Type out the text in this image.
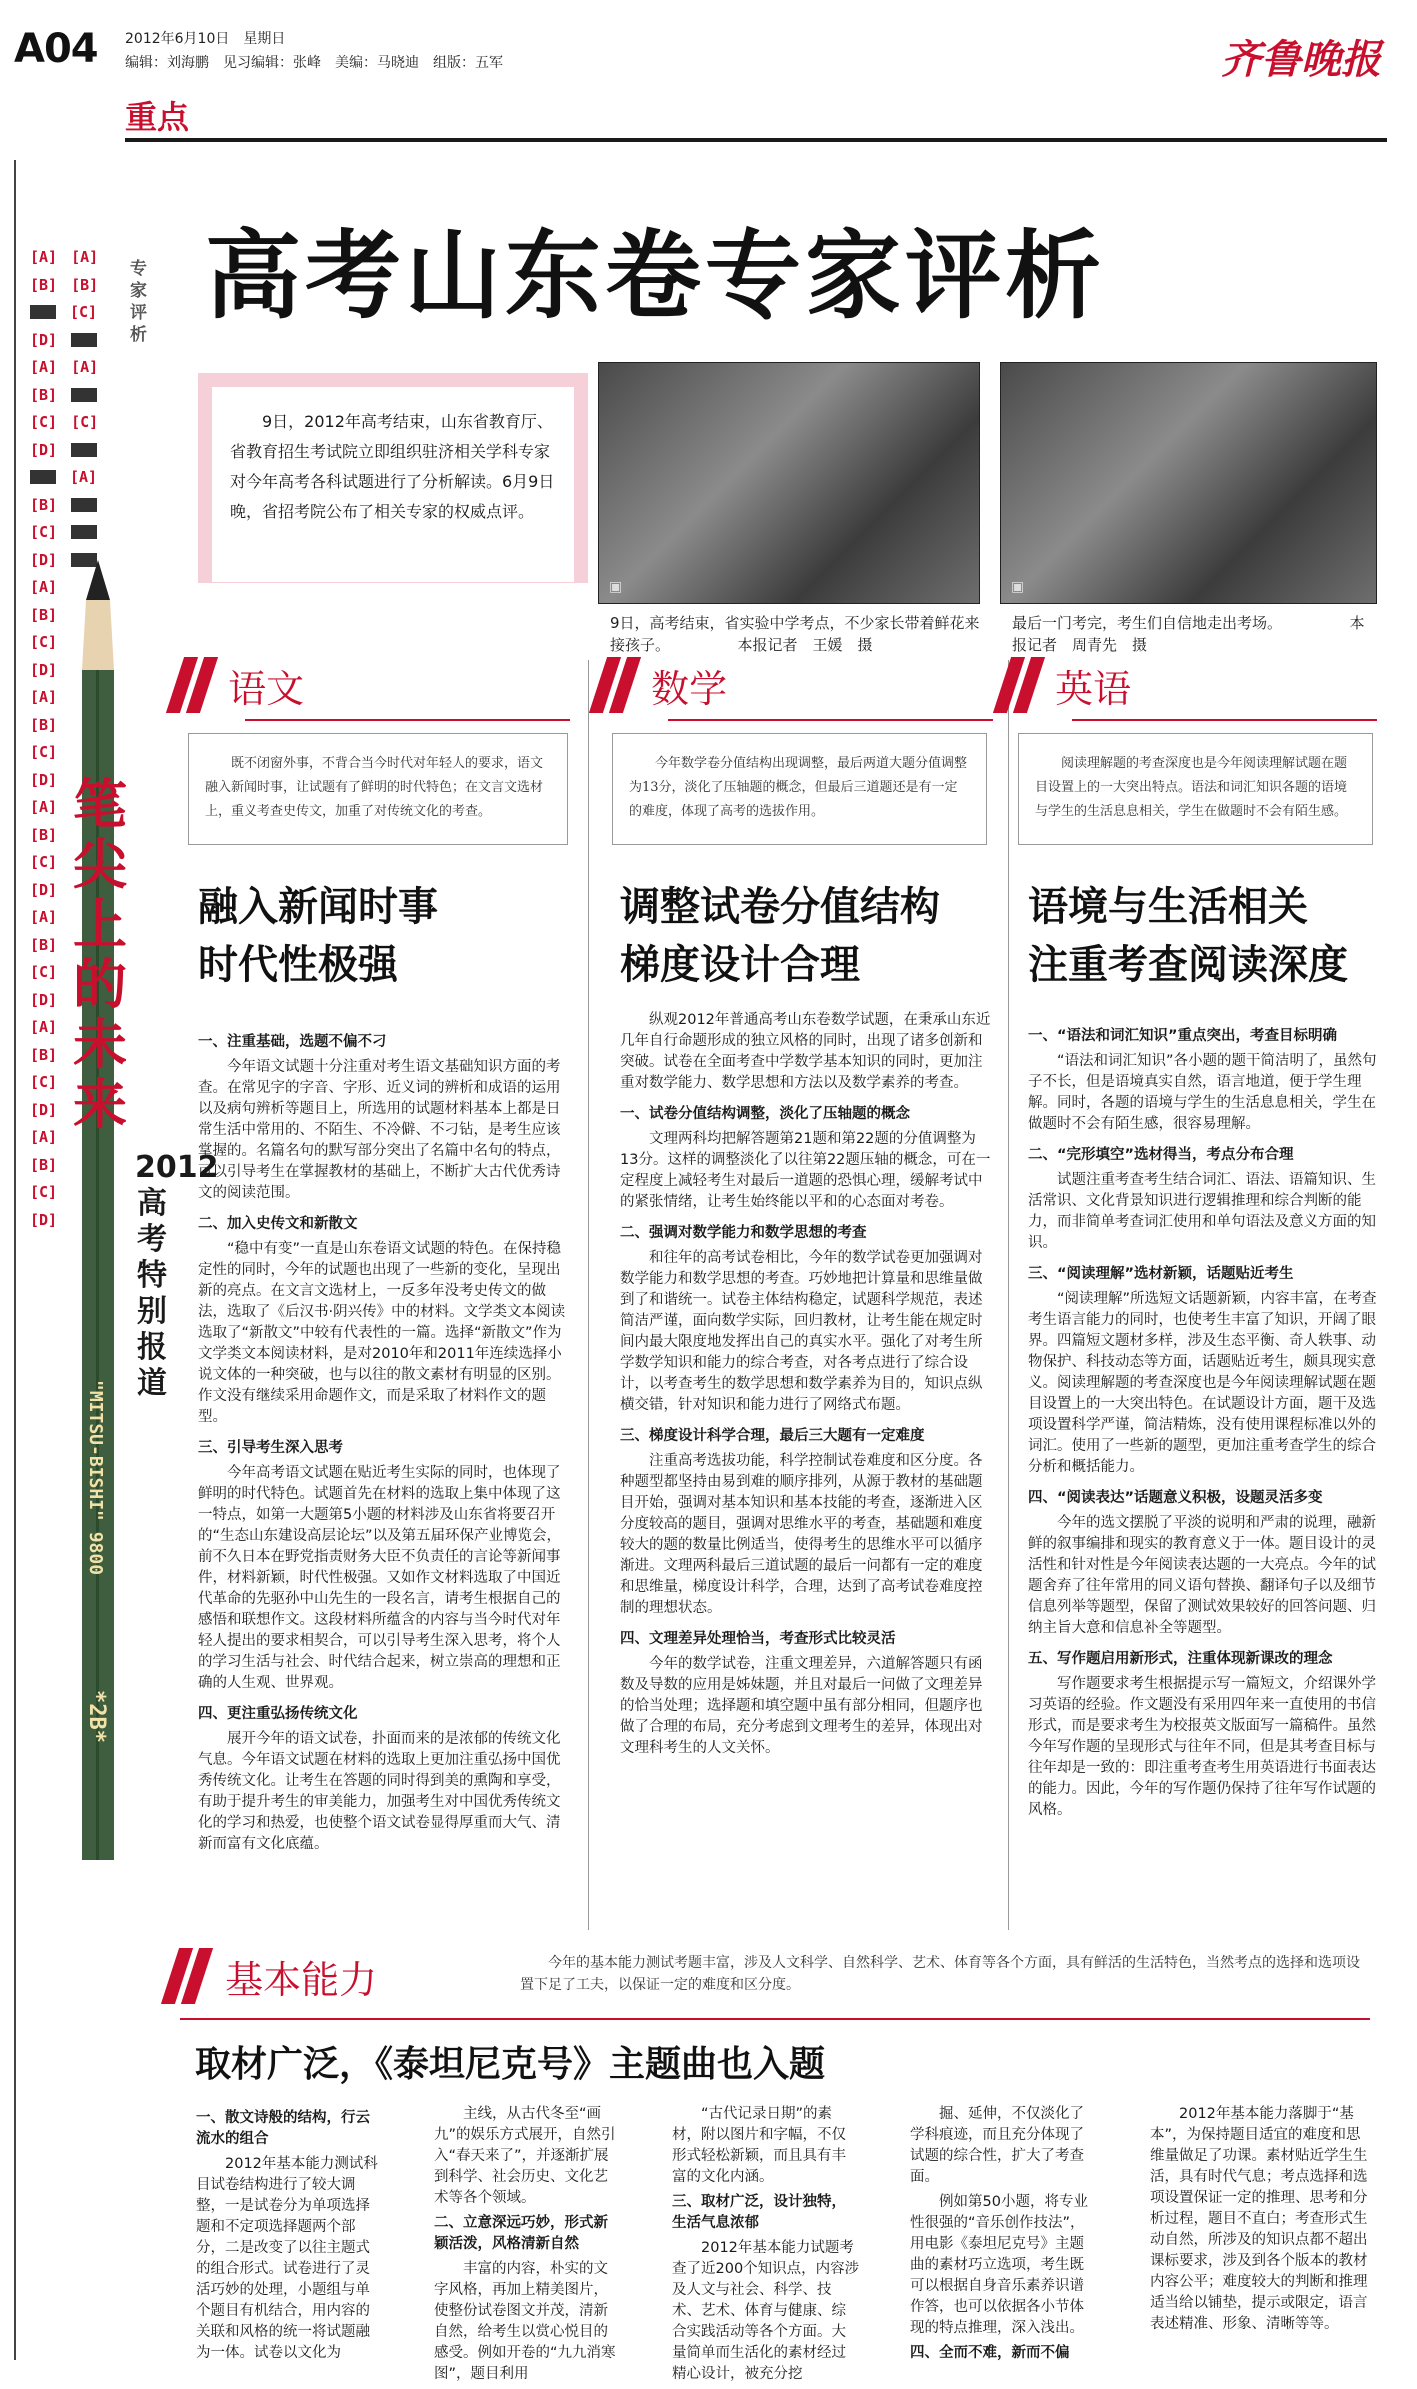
A04 2012年6月10日　星期日
编辑：刘海鹏　见习编辑：张峰　美编：马晓迪　组版：五军	齐鲁晚报
重点
专家评析
[A] [A]
[B] [B]
[C]
[D]
[A] [A]
[B]
[C] [C]
[D]
[A]
[B]
[C]
[D]
[A]
[B]
[C]
[D]
[A]
[B]
[C]
[D]
[A]
[B]
[C]
[D]
[A]
[B]
[C]
[D]
[A]
[B]
[C]
[D]
[A]
[B]
[C]
[D]
"MITSU-BISHI" 9800
*2B*
笔尖上的未来
2012高考特别报道
高考山东卷专家评析
9日，2012年高考结束，山东省教育厅、省教育招生考试院立即组织驻济相关学科专家对今年高考各科试题进行了分析解读。6月9日晚，省招考院公布了相关专家的权威点评。
▣	▣
9日，高考结束，省实验中学考点，不少家长带着鲜花来接孩子。　　　　　本报记者　王媛　摄
最后一门考完，考生们自信地走出考场。　　　　　本报记者　周青先　摄
语文
既不闭窗外事，不背合当今时代对年轻人的要求，语文融入新闻时事，让试题有了鲜明的时代特色；在文言文选材上，重义考查史传文，加重了对传统文化的考查。
融入新闻时事
时代性极强
一、注重基础，选题不偏不刁

今年语文试题十分注重对考生语文基础知识方面的考查。在常见字的字音、字形、近义词的辨析和成语的运用以及病句辨析等题目上，所选用的试题材料基本上都是日常生活中常用的、不陌生、不冷僻、不刁钻，是考生应该掌握的。名篇名句的默写部分突出了名篇中名句的特点，可以引导考生在掌握教材的基础上，不断扩大古代优秀诗文的阅读范围。

二、加入史传文和新散文

“稳中有变”一直是山东卷语文试题的特色。在保持稳定性的同时，今年的试题也出现了一些新的变化，呈现出新的亮点。在文言文选材上，一反多年没考史传文的做法，选取了《后汉书·阴兴传》中的材料。文学类文本阅读选取了“新散文”中较有代表性的一篇。选择“新散文”作为文学类文本阅读材料，是对2010年和2011年连续选择小说文体的一种突破，也与以往的散文素材有明显的区别。作文没有继续采用命题作文，而是采取了材料作文的题型。

三、引导考生深入思考

今年高考语文试题在贴近考生实际的同时，也体现了鲜明的时代特色。试题首先在材料的选取上集中体现了这一特点，如第一大题第5小题的材料涉及山东省将要召开的“生态山东建设高层论坛”以及第五届环保产业博览会，前不久日本在野党指责财务大臣不负责任的言论等新闻事件，材料新颖，时代性极强。又如作文材料选取了中国近代革命的先驱孙中山先生的一段名言，请考生根据自己的感悟和联想作文。这段材料所蕴含的内容与当今时代对年轻人提出的要求相契合，可以引导考生深入思考，将个人的学习生活与社会、时代结合起来，树立崇高的理想和正确的人生观、世界观。

四、更注重弘扬传统文化

展开今年的语文试卷，扑面而来的是浓郁的传统文化气息。今年语文试题在材料的选取上更加注重弘扬中国优秀传统文化。让考生在答题的同时得到美的熏陶和享受，有助于提升考生的审美能力，加强考生对中国优秀传统文化的学习和热爱，也使整个语文试卷显得厚重而大气、清新而富有文化底蕴。

数学
今年数学卷分值结构出现调整，最后两道大题分值调整为13分，淡化了压轴题的概念，但最后三道题还是有一定的难度，体现了高考的选拔作用。
调整试卷分值结构
梯度设计合理

纵观2012年普通高考山东卷数学试题，在秉承山东近几年自行命题形成的独立风格的同时，出现了诸多创新和突破。试卷在全面考查中学数学基本知识的同时，更加注重对数学能力、数学思想和方法以及数学素养的考查。

一、试卷分值结构调整，淡化了压轴题的概念

文理两科均把解答题第21题和第22题的分值调整为13分。这样的调整淡化了以往第22题压轴的概念，可在一定程度上减轻考生对最后一道题的恐惧心理，缓解考试中的紧张情绪，让考生始终能以平和的心态面对考卷。

二、强调对数学能力和数学思想的考查

和往年的高考试卷相比，今年的数学试卷更加强调对数学能力和数学思想的考查。巧妙地把计算量和思维量做到了和谐统一。试卷主体结构稳定，试题科学规范，表述简洁严谨，面向数学实际，回归教材，让考生能在规定时间内最大限度地发挥出自己的真实水平。强化了对考生所学数学知识和能力的综合考查，对各考点进行了综合设计，以考查考生的数学思想和数学素养为目的，知识点纵横交错，针对知识和能力进行了网络式布题。

三、梯度设计科学合理，最后三大题有一定难度

注重高考选拔功能，科学控制试卷难度和区分度。各种题型都坚持由易到难的顺序排列，从源于教材的基础题目开始，强调对基本知识和基本技能的考查，逐渐进入区分度较高的题目，强调对思维水平的考查，基础题和难度较大的题的数量比例适当，使得考生的思维水平可以循序渐进。文理两科最后三道试题的最后一问都有一定的难度和思维量，梯度设计科学，合理，达到了高考试卷难度控制的理想状态。

四、文理差异处理恰当，考查形式比较灵活

今年的数学试卷，注重文理差异，六道解答题只有函数及导数的应用是姊妹题，并且对最后一问做了文理差异的恰当处理；选择题和填空题中虽有部分相同，但题序也做了合理的布局，充分考虑到文理考生的差异，体现出对文理科考生的人文关怀。

英语
阅读理解题的考查深度也是今年阅读理解试题在题目设置上的一大突出特点。语法和词汇知识各题的语境与学生的生活息息相关，学生在做题时不会有陌生感。
语境与生活相关
注重考查阅读深度
一、“语法和词汇知识”重点突出，考查目标明确

“语法和词汇知识”各小题的题干简洁明了，虽然句子不长，但是语境真实自然，语言地道，便于学生理解。同时，各题的语境与学生的生活息息相关，学生在做题时不会有陌生感，很容易理解。

二、“完形填空”选材得当，考点分布合理

试题注重考查考生结合词汇、语法、语篇知识、生活常识、文化背景知识进行逻辑推理和综合判断的能力，而非简单考查词汇使用和单句语法及意义方面的知识。

三、“阅读理解”选材新颖，话题贴近考生

“阅读理解”所选短文话题新颖，内容丰富，在考查考生语言能力的同时，也使考生丰富了知识，开阔了眼界。四篇短文题材多样，涉及生态平衡、奇人轶事、动物保护、科技动态等方面，话题贴近考生，颇具现实意义。阅读理解题的考查深度也是今年阅读理解试题在题目设置上的一大突出特色。在试题设计方面，题干及选项设置科学严谨，简洁精炼，没有使用课程标准以外的词汇。使用了一些新的题型，更加注重考查学生的综合分析和概括能力。

四、“阅读表达”话题意义积极，设题灵活多变

今年的选文摆脱了平淡的说明和严肃的说理，融新鲜的叙事编排和现实的教育意义于一体。题目设计的灵活性和针对性是今年阅读表达题的一大亮点。今年的试题舍弃了往年常用的同义语句替换、翻译句子以及细节信息列举等题型，保留了测试效果较好的回答问题、归纳主旨大意和信息补全等题型。

五、写作题启用新形式，注重体现新课改的理念

写作题要求考生根据提示写一篇短文，介绍课外学习英语的经验。作文题没有采用四年来一直使用的书信形式，而是要求考生为校报英文版面写一篇稿件。虽然今年写作题的呈现形式与往年不同，但是其考查目标与往年却是一致的：即注重考查考生用英语进行书面表达的能力。因此，今年的写作题仍保持了往年写作试题的风格。

基本能力	今年的基本能力测试考题丰富，涉及人文科学、自然科学、艺术、体育等各个方面，具有鲜活的生活特色，当然考点的选择和选项设置下足了工夫，以保证一定的难度和区分度。
取材广泛，《泰坦尼克号》主题曲也入题
一、散文诗般的结构，行云流水的组合

2012年基本能力测试科目试卷结构进行了较大调整，一是试卷分为单项选择题和不定项选择题两个部分，二是改变了以往主题式的组合形式。试卷进行了灵活巧妙的处理，小题组与单个题目有机结合，用内容的关联和风格的统一将试题融为一体。试卷以文化为

主线，从古代冬至“画九”的娱乐方式展开，自然引入“春天来了”，并逐渐扩展到科学、社会历史、文化艺术等各个领域。

二、立意深远巧妙，形式新颖活泼，风格清新自然

丰富的内容，朴实的文字风格，再加上精美图片，使整份试卷图文并茂，清新自然，给考生以赏心悦目的感受。例如开卷的“九九消寒图”，题目利用

“古代记录日期”的素材，附以图片和字幅，不仅形式轻松新颖，而且具有丰富的文化内涵。

三、取材广泛，设计独特，生活气息浓郁

2012年基本能力试题考查了近200个知识点，内容涉及人文与社会、科学、技术、艺术、体育与健康、综合实践活动等各个方面。大量简单而生活化的素材经过精心设计，被充分挖

掘、延伸，不仅淡化了学科痕迹，而且充分体现了试题的综合性，扩大了考查面。

例如第50小题，将专业性很强的“音乐创作技法”，用电影《泰坦尼克号》主题曲的素材巧立选项，考生既可以根据自身音乐素养识谱作答，也可以依据各小节体现的特点推理，深入浅出。

四、全而不难，新而不偏

2012年基本能力落脚于“基本”，为保持题目适宜的难度和思维量做足了功课。素材贴近学生生活，具有时代气息；考点选择和选项设置保证一定的推理、思考和分析过程，题目不直白；考查形式生动自然，所涉及的知识点都不超出课标要求，涉及到各个版本的教材内容公平；难度较大的判断和推理适当给以铺垫，提示或限定，语言表述精准、形象、清晰等等。
